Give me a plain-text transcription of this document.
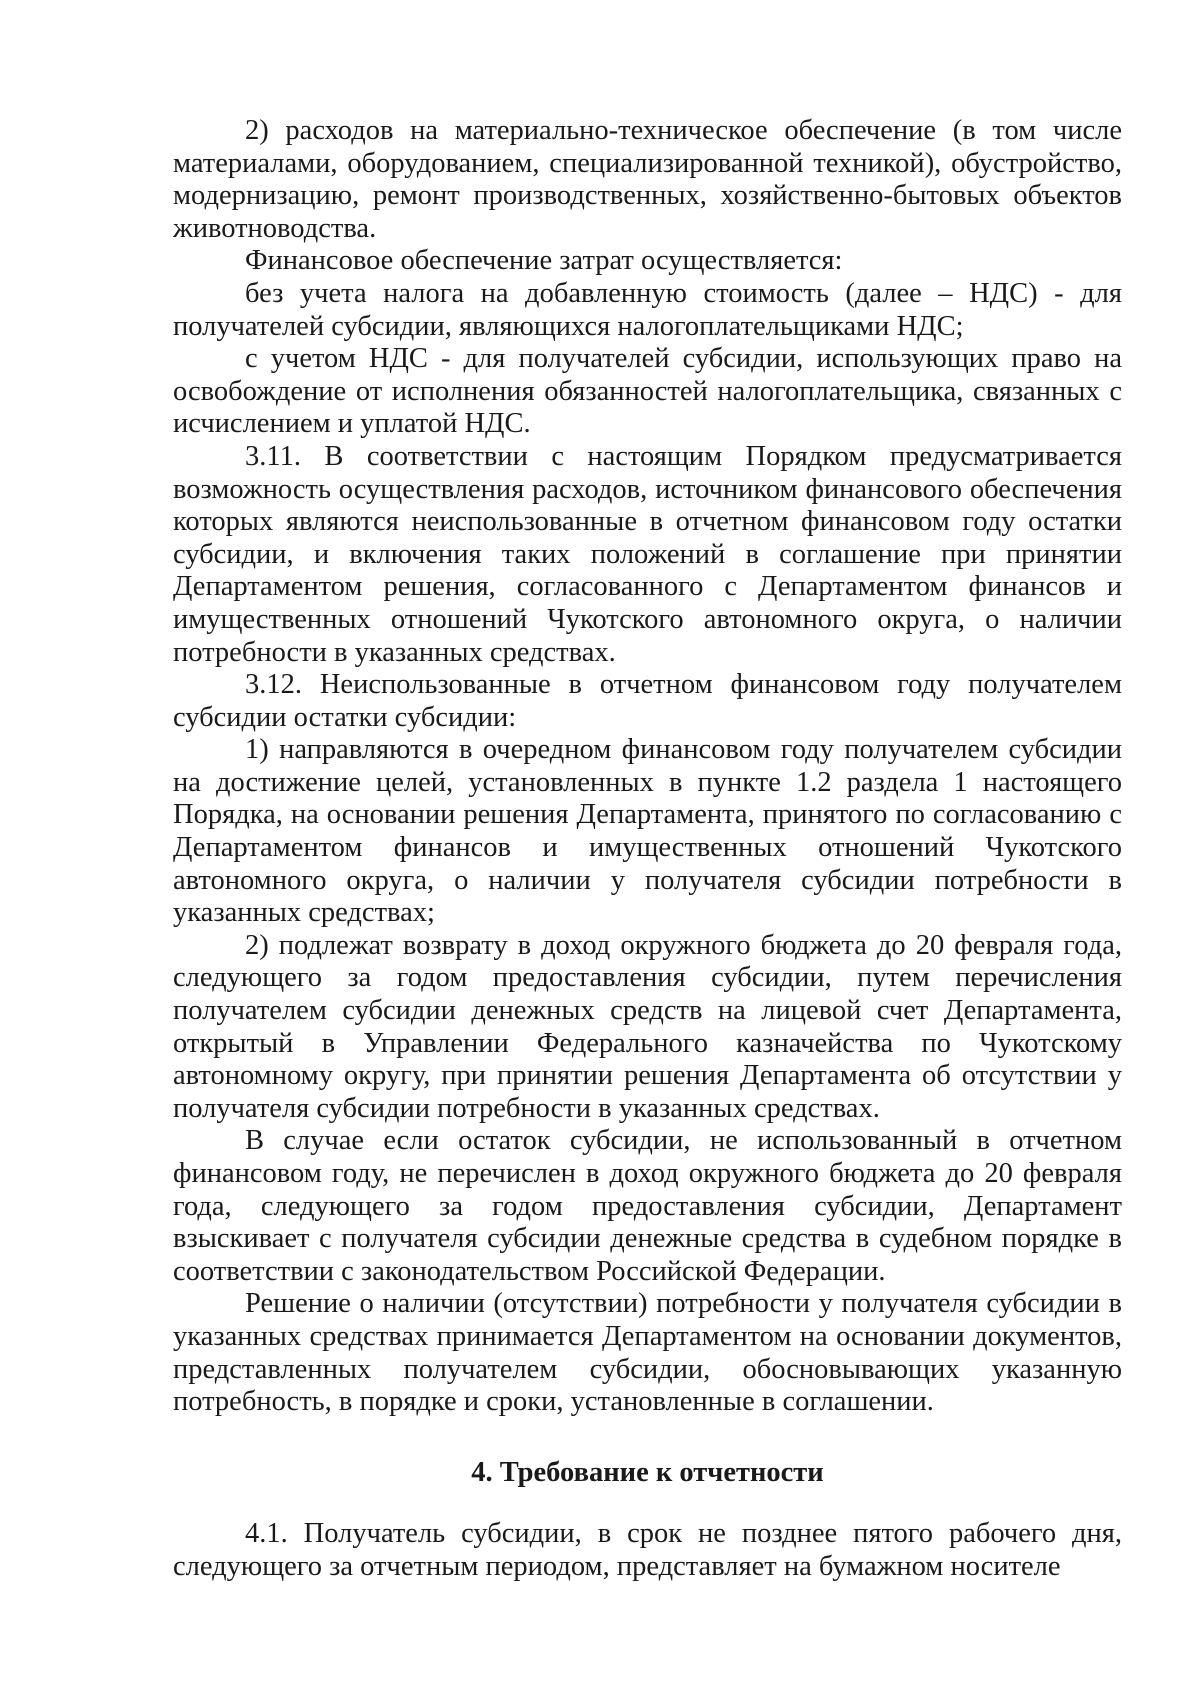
2) расходов на материально-техническое обеспечение (в том числе материалами, оборудованием, специализированной техникой), обустройство, модернизацию, ремонт производственных, хозяйственно-бытовых объектов животноводства.

Финансовое обеспечение затрат осуществляется:

без учета налога на добавленную стоимость (далее – НДС) - для получателей субсидии, являющихся налогоплательщиками НДС;

с учетом НДС - для получателей субсидии, использующих право на освобождение от исполнения обязанностей налогоплательщика, связанных с исчислением и уплатой НДС.

3.11. В соответствии с настоящим Порядком предусматривается возможность осуществления расходов, источником финансового обеспечения которых являются неиспользованные в отчетном финансовом году остатки субсидии, и включения таких положений в соглашение при принятии Департаментом решения, согласованного с Департаментом финансов и имущественных отношений Чукотского автономного округа, о наличии потребности в указанных средствах.

3.12. Неиспользованные в отчетном финансовом году получателем субсидии остатки субсидии:

1) направляются в очередном финансовом году получателем субсидии на достижение целей, установленных в пункте 1.2 раздела 1 настоящего Порядка, на основании решения Департамента, принятого по согласованию с Департаментом финансов и имущественных отношений Чукотского автономного округа, о наличии у получателя субсидии потребности в указанных средствах;

2) подлежат возврату в доход окружного бюджета до 20 февраля года, следующего за годом предоставления субсидии, путем перечисления получателем субсидии денежных средств на лицевой счет Департамента, открытый в Управлении Федерального казначейства по Чукотскому автономному округу, при принятии решения Департамента об отсутствии у получателя субсидии потребности в указанных средствах.

В случае если остаток субсидии, не использованный в отчетном финансовом году, не перечислен в доход окружного бюджета до 20 февраля года, следующего за годом предоставления субсидии, Департамент взыскивает с получателя субсидии денежные средства в судебном порядке в соответствии с законодательством Российской Федерации.

Решение о наличии (отсутствии) потребности у получателя субсидии в указанных средствах принимается Департаментом на основании документов, представленных получателем субсидии, обосновывающих указанную потребность, в порядке и сроки, установленные в соглашении.

4. Требование к отчетности

4.1. Получатель субсидии, в срок не позднее пятого рабочего дня, следующего за отчетным периодом, представляет на бумажном носителе
